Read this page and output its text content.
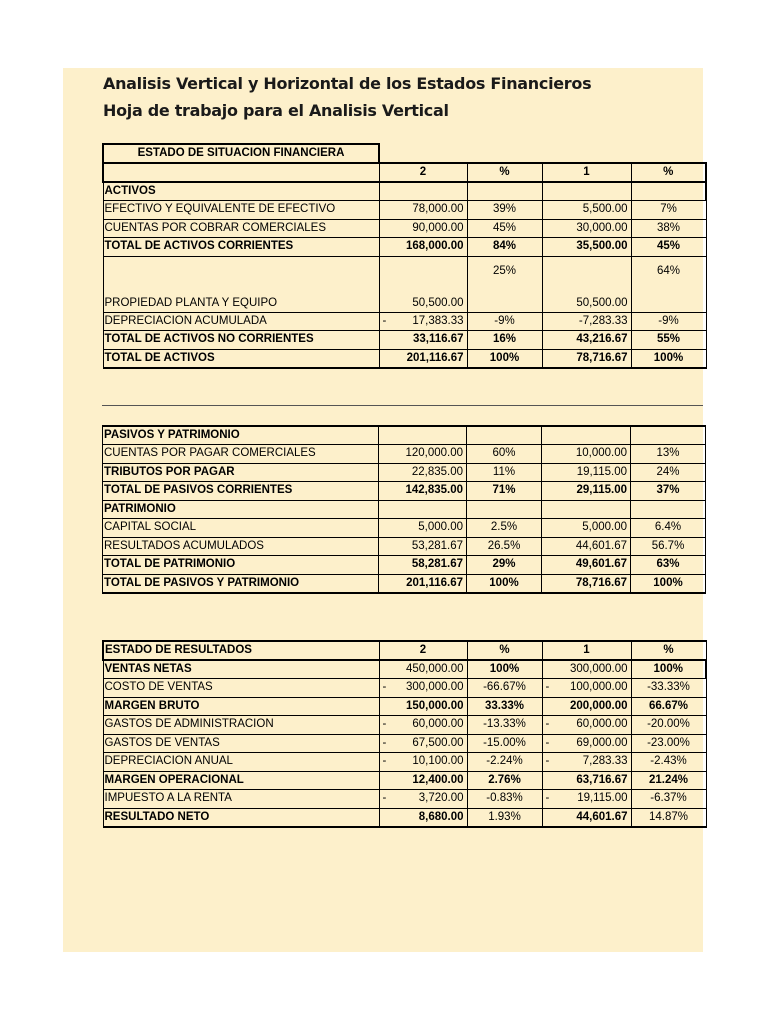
Analisis Vertical y Horizontal de los Estados Financieros
Hoja de trabajo para el Analisis Vertical
ESTADO DE SITUACION FINANCIERA				
	2	%	1	%
ACTIVOS				
EFECTIVO Y EQUIVALENTE DE EFECTIVO	78,000.00	39%	5,500.00	7%
CUENTAS POR COBRAR COMERCIALES	90,000.00	45%	30,000.00	38%
TOTAL DE ACTIVOS CORRIENTES	168,000.00	84%	35,500.00	45%
PROPIEDAD PLANTA Y EQUIPO	50,500.00	25%	50,500.00	64%
DEPRECIACION ACUMULADA	- 17,383.33	-9%	-7,283.33	-9%
TOTAL DE ACTIVOS NO CORRIENTES	33,116.67	16%	43,216.67	55%
TOTAL DE ACTIVOS	201,116.67	100%	78,716.67	100%
PASIVOS Y PATRIMONIO				
CUENTAS POR PAGAR COMERCIALES	120,000.00	60%	10,000.00	13%
TRIBUTOS POR PAGAR	22,835.00	11%	19,115.00	24%
TOTAL DE PASIVOS CORRIENTES	142,835.00	71%	29,115.00	37%
PATRIMONIO				
CAPITAL SOCIAL	5,000.00	2.5%	5,000.00	6.4%
RESULTADOS ACUMULADOS	53,281.67	26.5%	44,601.67	56.7%
TOTAL DE PATRIMONIO	58,281.67	29%	49,601.67	63%
TOTAL DE PASIVOS Y PATRIMONIO	201,116.67	100%	78,716.67	100%
ESTADO DE RESULTADOS	2	%	1	%
VENTAS NETAS	450,000.00	100%	300,000.00	100%
COSTO DE VENTAS	- 300,000.00	-66.67%	- 100,000.00	-33.33%
MARGEN BRUTO	150,000.00	33.33%	200,000.00	66.67%
GASTOS DE ADMINISTRACION	- 60,000.00	-13.33%	- 60,000.00	-20.00%
GASTOS DE VENTAS	- 67,500.00	-15.00%	- 69,000.00	-23.00%
DEPRECIACION ANUAL	- 10,100.00	-2.24%	- 7,283.33	-2.43%
MARGEN OPERACIONAL	12,400.00	2.76%	63,716.67	21.24%
IMPUESTO A LA RENTA	- 3,720.00	-0.83%	- 19,115.00	-6.37%
RESULTADO NETO	8,680.00	1.93%	44,601.67	14.87%
